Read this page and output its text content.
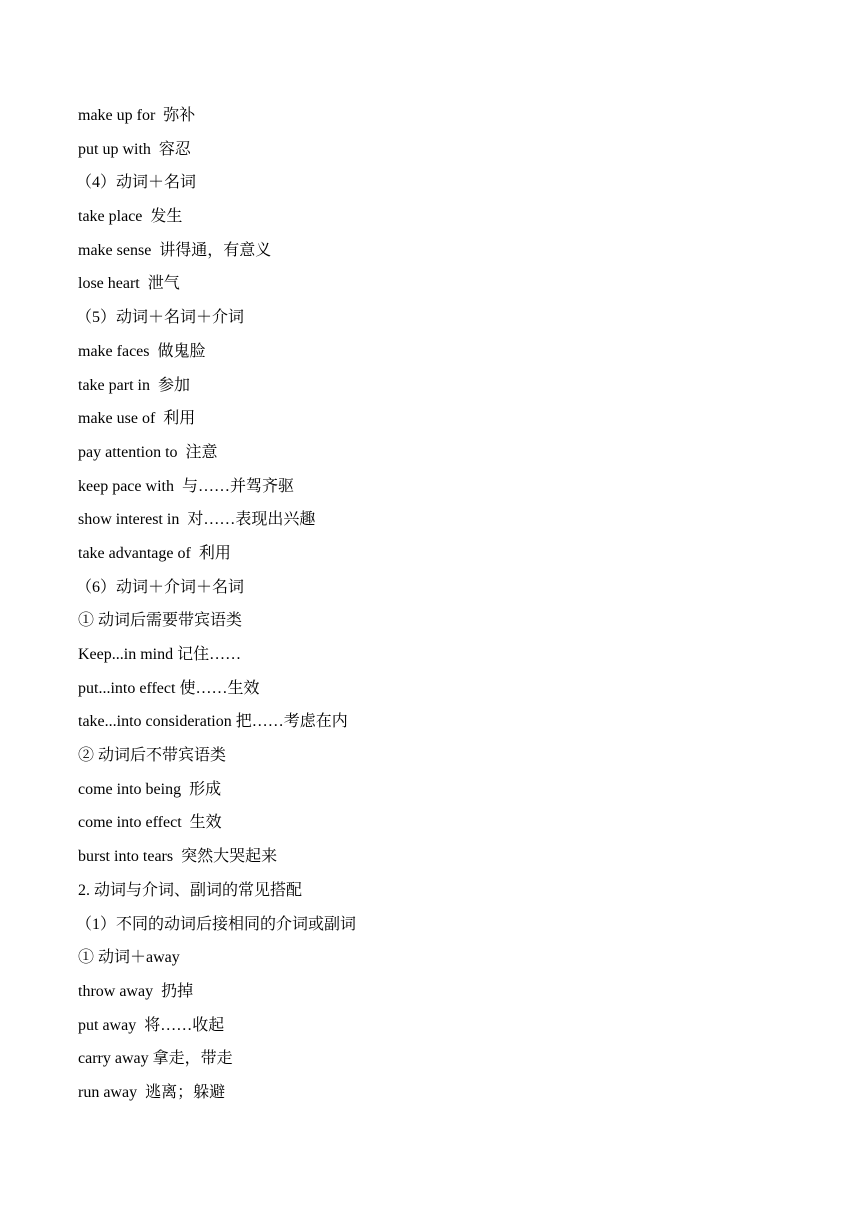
make up for  弥补
put up with  容忍
（4）动词＋名词
take place  发生
make sense  讲得通，有意义
lose heart  泄气
（5）动词＋名词＋介词
make faces  做鬼脸
take part in  参加
make use of  利用
pay attention to  注意
keep pace with  与……并驾齐驱
show interest in  对……表现出兴趣
take advantage of  利用
（6）动词＋介词＋名词
① 动词后需要带宾语类
Keep...in mind 记住……
put...into effect 使……生效
take...into consideration 把……考虑在内
② 动词后不带宾语类
come into being  形成
come into effect  生效
burst into tears  突然大哭起来
2. 动词与介词、副词的常见搭配
（1）不同的动词后接相同的介词或副词
① 动词＋away
throw away  扔掉
put away  将……收起
carry away 拿走，带走
run away  逃离；躲避
